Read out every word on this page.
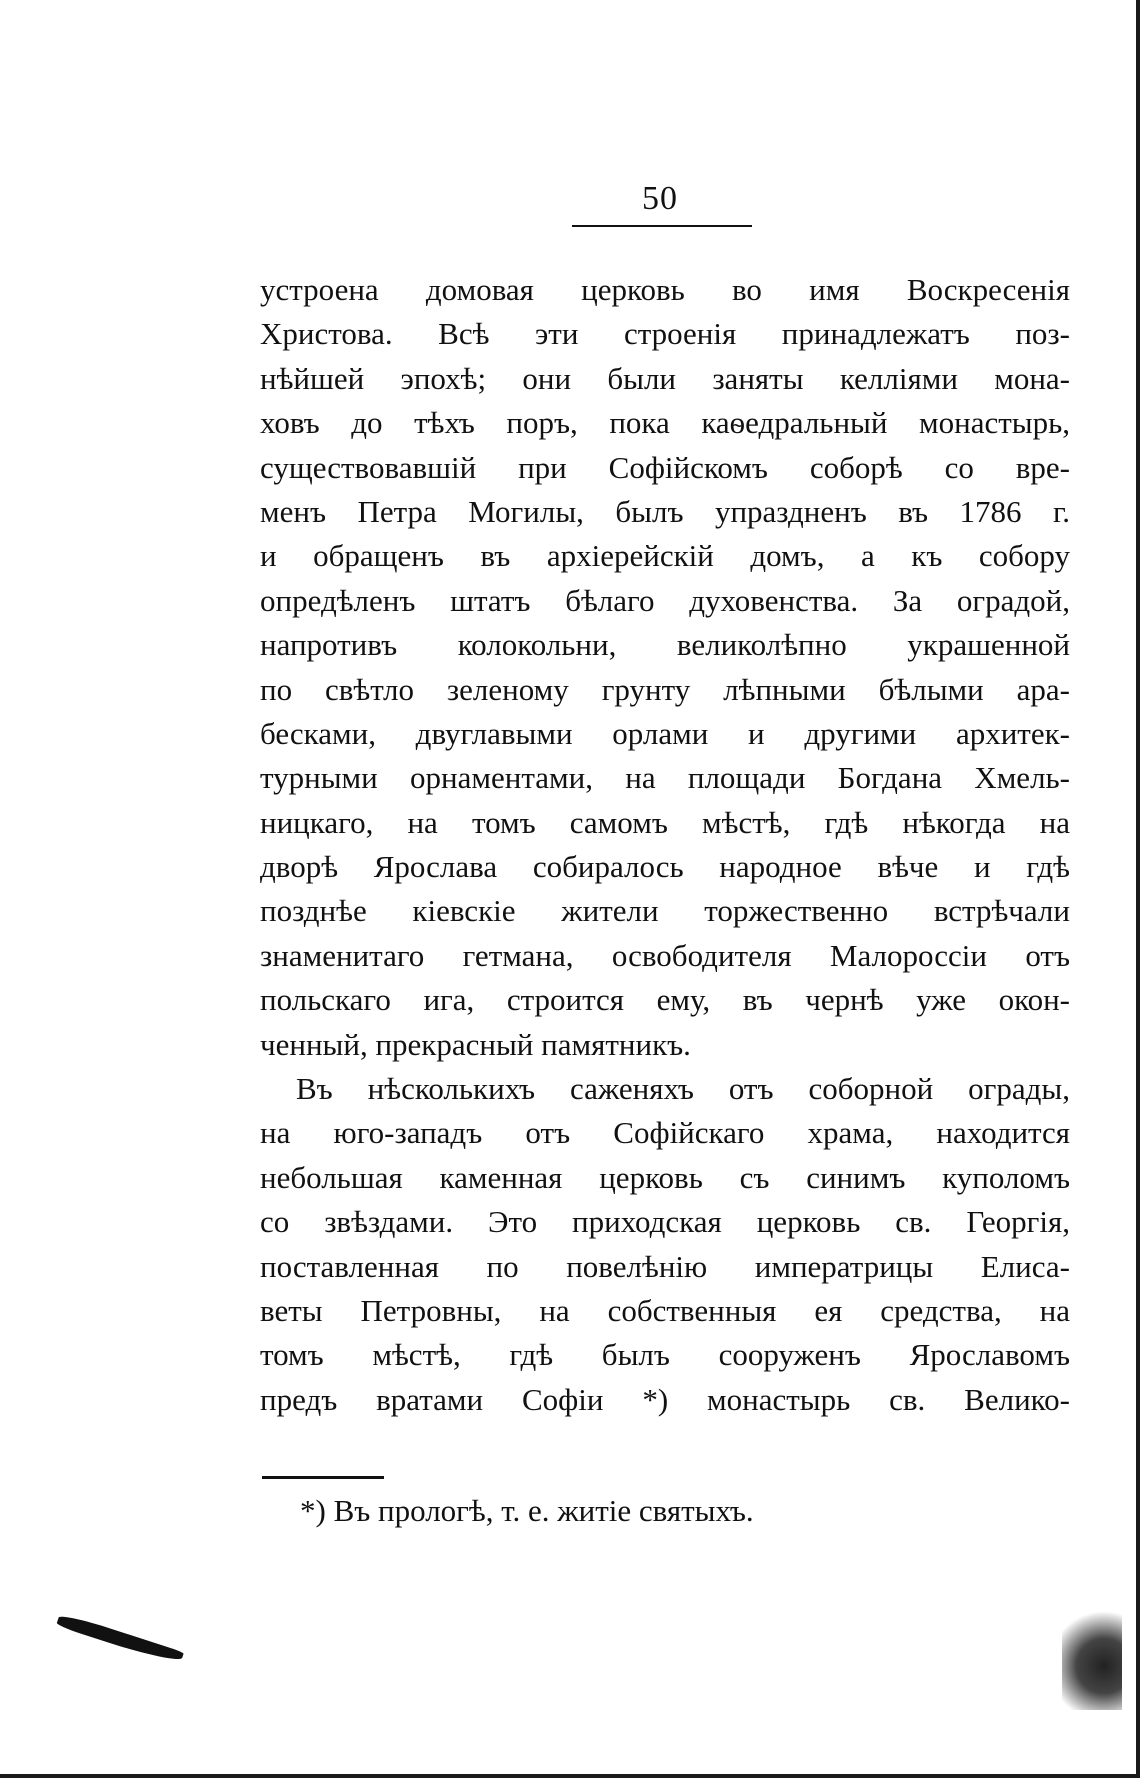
50
устроена домовая церковь во имя Воскресенія
Христова. Всѣ эти строенія принадлежатъ поз-
нѣйшей эпохѣ; они были заняты келліями мона-
ховъ до тѣхъ поръ, пока каѳедральный монастырь,
существовавшій при Софійскомъ соборѣ со вре-
менъ Петра Могилы, былъ упраздненъ въ 1786 г.
и обращенъ въ архіерейскій домъ, а къ собору
опредѣленъ штатъ бѣлаго духовенства. За оградой,
напротивъ колокольни, великолѣпно украшенной
по свѣтло зеленому грунту лѣпными бѣлыми ара-
бесками, двуглавыми орлами и другими архитек-
турными орнаментами, на площади Богдана Хмель-
ницкаго, на томъ самомъ мѣстѣ, гдѣ нѣкогда на
дворѣ Ярослава собиралось народное вѣче и гдѣ
позднѣе кіевскіе жители торжественно встрѣчали
знаменитаго гетмана, освободителя Малороссіи отъ
польскаго ига, строится ему, въ чернѣ уже окон-
ченный, прекрасный памятникъ.
Въ нѣсколькихъ саженяхъ отъ соборной ограды,
на юго-западъ отъ Софійскаго храма, находится
небольшая каменная церковь съ синимъ куполомъ
со звѣздами. Это приходская церковь св. Георгія,
поставленная по повелѣнію императрицы Елиса-
веты Петровны, на собственныя ея средства, на
томъ мѣстѣ, гдѣ былъ сооруженъ Ярославомъ
предъ вратами Софіи *) монастырь св. Велико-
*) Въ прологѣ, т. е. житіе святыхъ.
